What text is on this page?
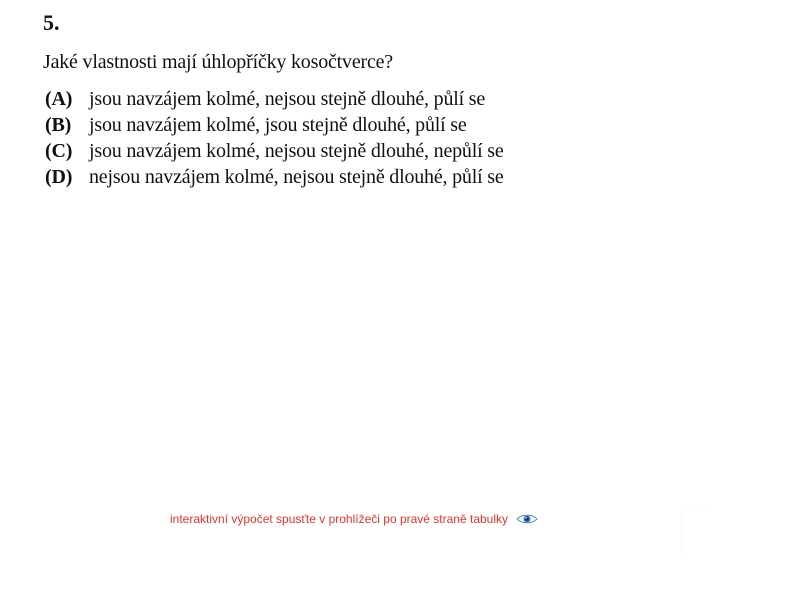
5.
Jaké vlastnosti mají úhlopříčky kosočtverce?
(A) jsou navzájem kolmé, nejsou stejně dlouhé, půlí se
(B) jsou navzájem kolmé, jsou stejně dlouhé, půlí se
(C) jsou navzájem kolmé, nejsou stejně dlouhé, nepůlí se
(D) nejsou navzájem kolmé, nejsou stejně dlouhé, půlí se
interaktivní výpočet spusťte v prohlížeči po pravé straně tabulky
